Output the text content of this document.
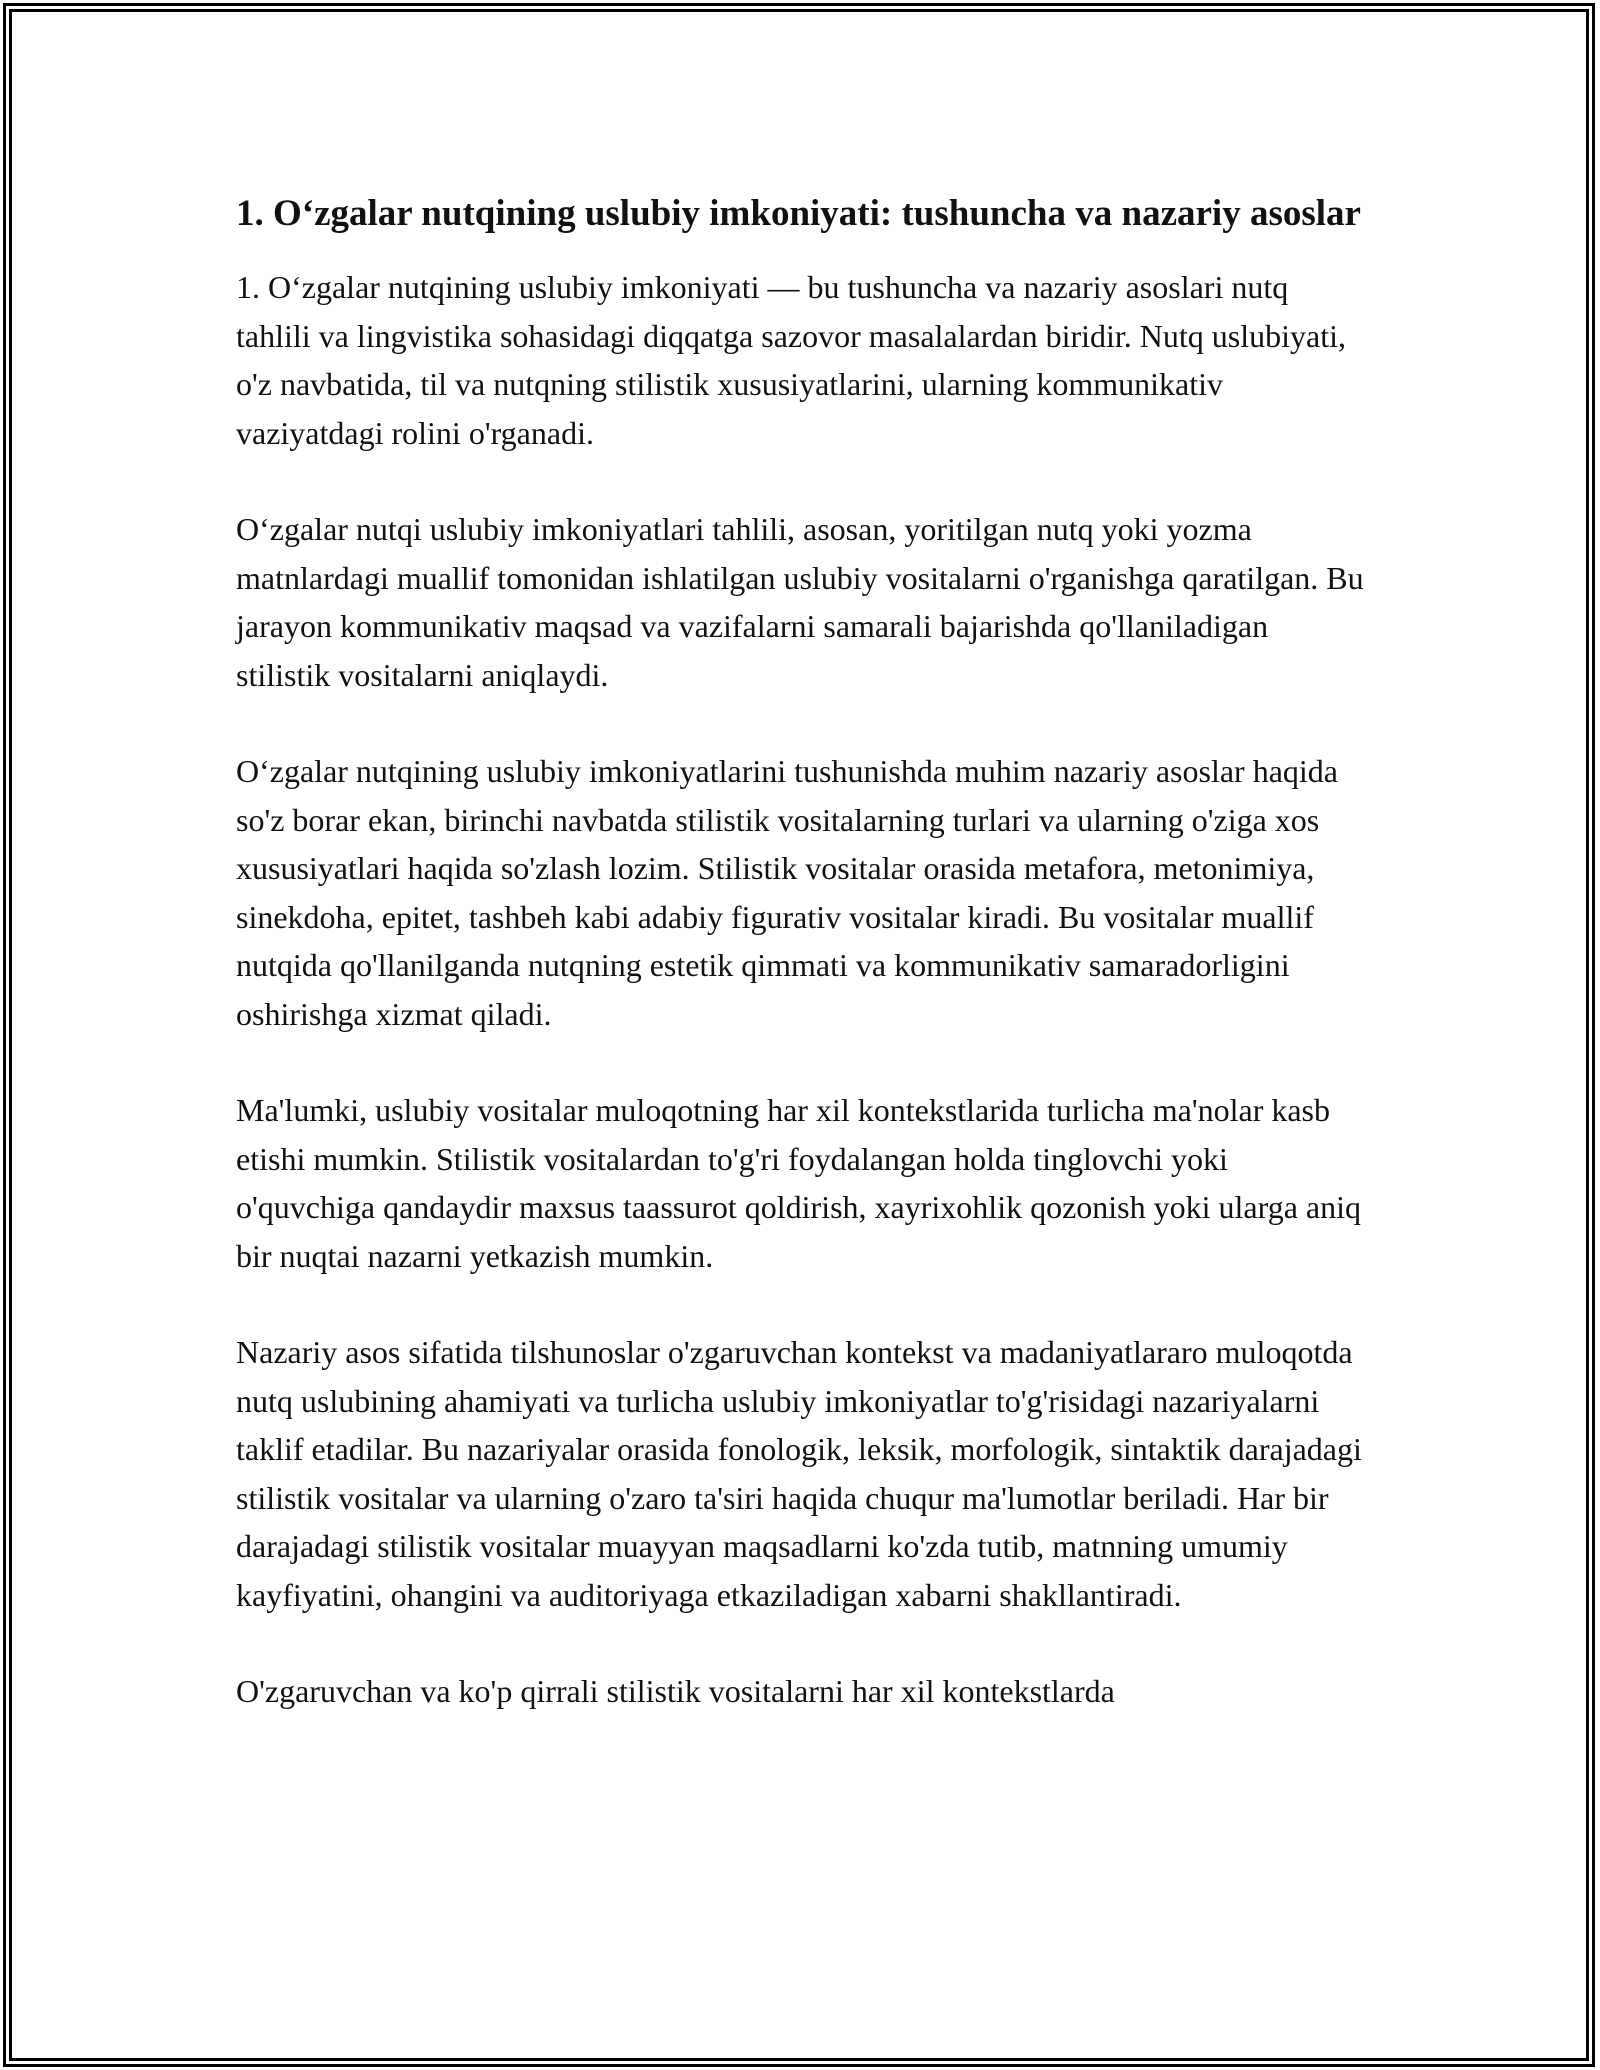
1. O‘zgalar nutqining uslubiy imkoniyati: tushuncha va nazariy asoslar

1. O‘zgalar nutqining uslubiy imkoniyati — bu tushuncha va nazariy asoslari nutq tahlili va lingvistika sohasidagi diqqatga sazovor masalalardan biridir. Nutq uslubiyati, o'z navbatida, til va nutqning stilistik xususiyatlarini, ularning kommunikativ vaziyatdagi rolini o'rganadi.

O‘zgalar nutqi uslubiy imkoniyatlari tahlili, asosan, yoritilgan nutq yoki yozma matnlardagi muallif tomonidan ishlatilgan uslubiy vositalarni o'rganishga qaratilgan. Bu jarayon kommunikativ maqsad va vazifalarni samarali bajarishda qo'llaniladigan stilistik vositalarni aniqlaydi.

O‘zgalar nutqining uslubiy imkoniyatlarini tushunishda muhim nazariy asoslar haqida so'z borar ekan, birinchi navbatda stilistik vositalarning turlari va ularning o'ziga xos xususiyatlari haqida so'zlash lozim. Stilistik vositalar orasida metafora, metonimiya, sinekdoha, epitet, tashbeh kabi adabiy figurativ vositalar kiradi. Bu vositalar muallif nutqida qo'llanilganda nutqning estetik qimmati va kommunikativ samaradorligini oshirishga xizmat qiladi.

Ma'lumki, uslubiy vositalar muloqotning har xil kontekstlarida turlicha ma'nolar kasb etishi mumkin. Stilistik vositalardan to'g'ri foydalangan holda tinglovchi yoki o'quvchiga qandaydir maxsus taassurot qoldirish, xayrixohlik qozonish yoki ularga aniq bir nuqtai nazarni yetkazish mumkin.

Nazariy asos sifatida tilshunoslar o'zgaruvchan kontekst va madaniyatlararo muloqotda nutq uslubining ahamiyati va turlicha uslubiy imkoniyatlar to'g'risidagi nazariyalarni taklif etadilar. Bu nazariyalar orasida fonologik, leksik, morfologik, sintaktik darajadagi stilistik vositalar va ularning o'zaro ta'siri haqida chuqur ma'lumotlar beriladi. Har bir darajadagi stilistik vositalar muayyan maqsadlarni ko'zda tutib, matnning umumiy kayfiyatini, ohangini va auditoriyaga etkaziladigan xabarni shakllantiradi.

O'zgaruvchan va ko'p qirrali stilistik vositalarni har xil kontekstlarda
